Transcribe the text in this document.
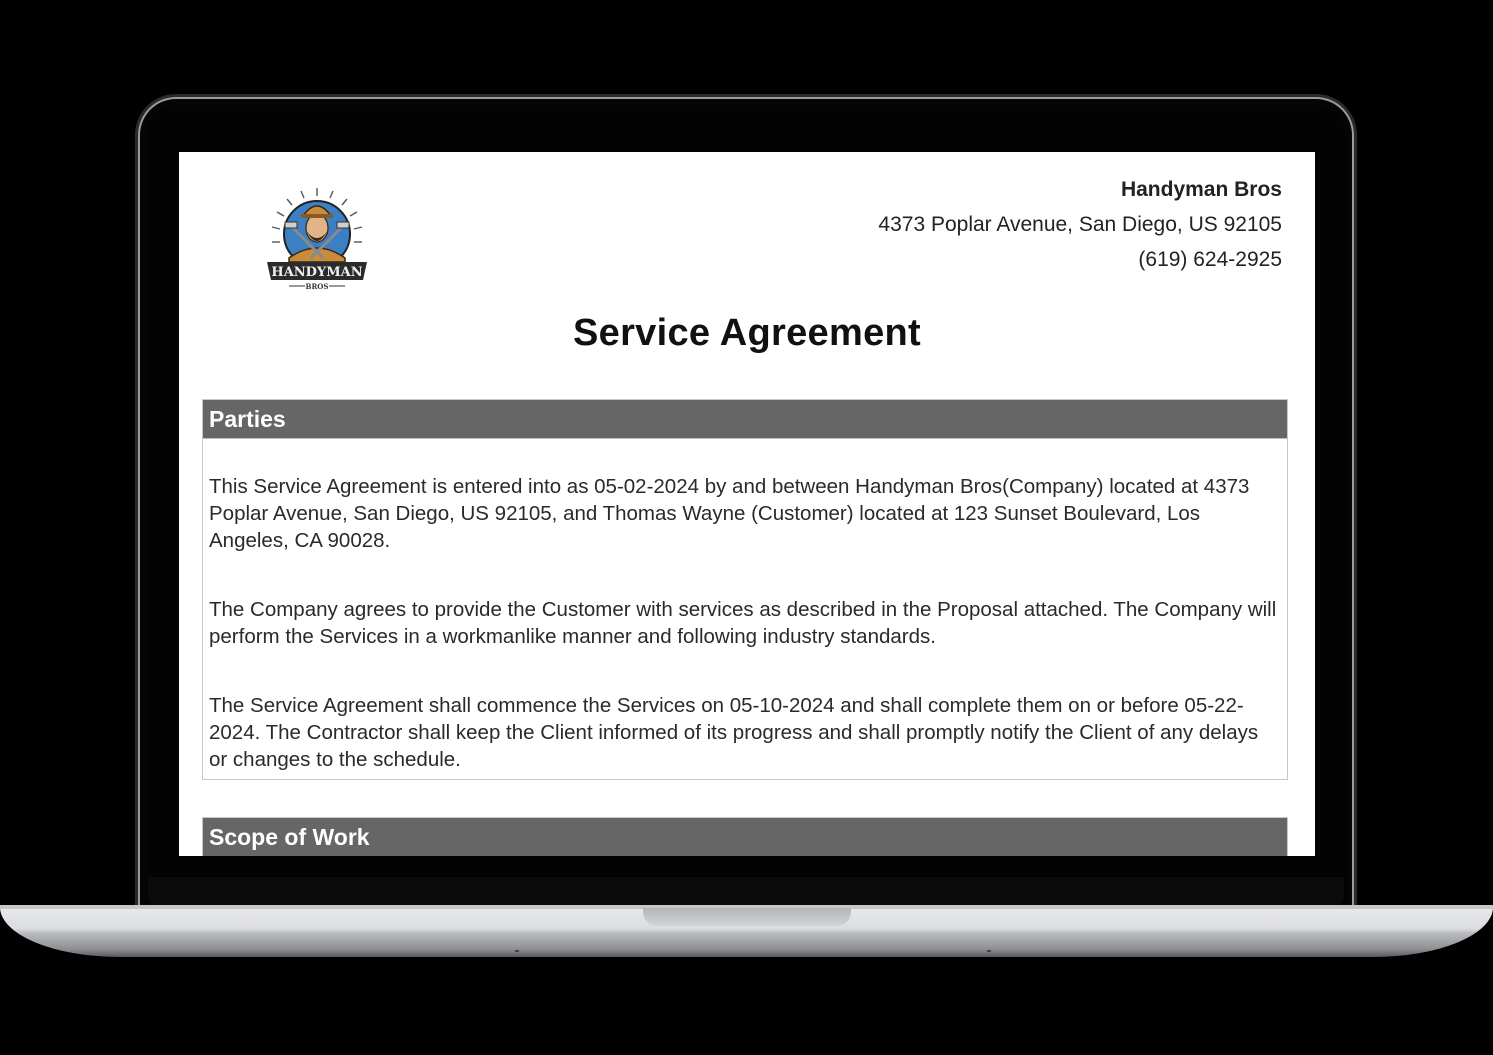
HANDYMAN
BROS
Handyman Bros
4373 Poplar Avenue, San Diego, US 92105
(619) 624-2925
Service Agreement
Parties

This Service Agreement is entered into as 05-02-2024 by and between Handyman Bros(Company) located at 4373 Poplar Avenue, San Diego, US 92105, and Thomas Wayne (Customer) located at 123 Sunset Boulevard, Los Angeles, CA 90028.

The Company agrees to provide the Customer with services as described in the Proposal attached. The Company will perform the Services in a workmanlike manner and following industry standards.

The Service Agreement shall commence the Services on 05-10-2024 and shall complete them on or before 05-22-2024. The Contractor shall keep the Client informed of its progress and shall promptly notify the Client of any delays or changes to the schedule.

Scope of Work
